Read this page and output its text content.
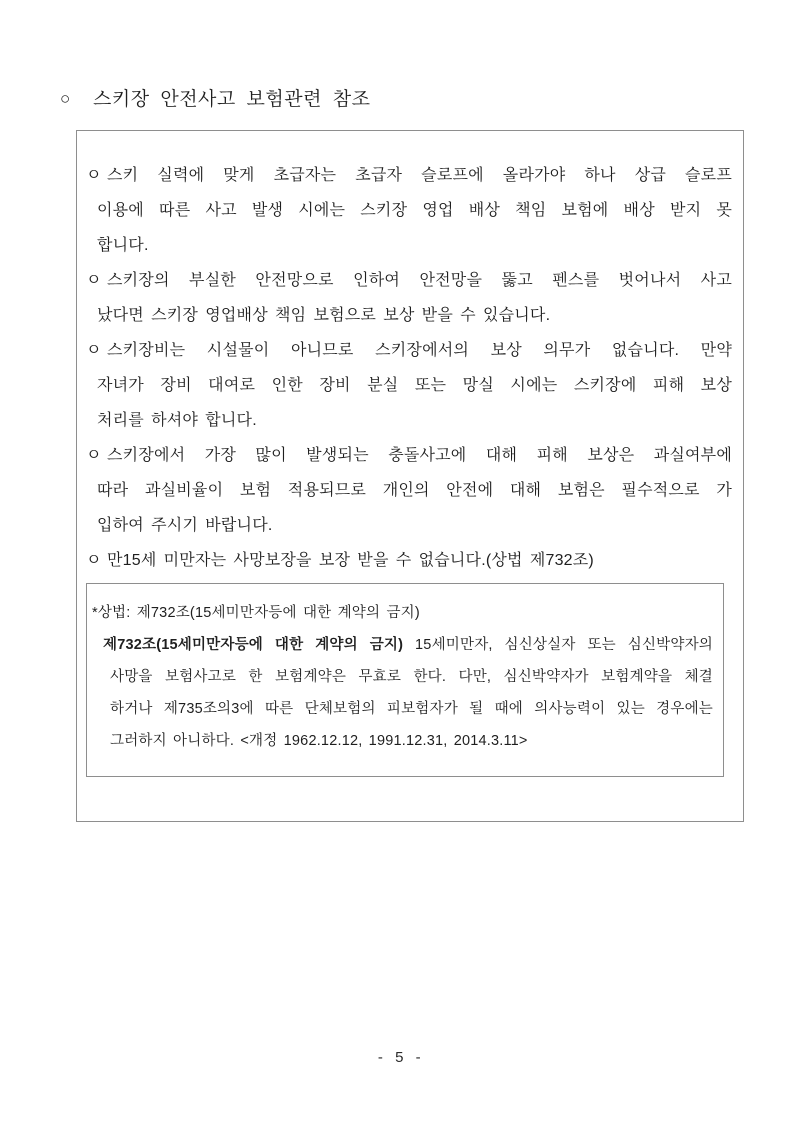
○ 스키장 안전사고 보험관련 참조
ㅇ 스키 실력에 맞게 초급자는 초급자 슬로프에 올라가야 하나 상급 슬로프
이용에 따른 사고 발생 시에는 스키장 영업 배상 책임 보험에 배상 받지 못
합니다.
ㅇ 스키장의 부실한 안전망으로 인하여 안전망을 뚫고 펜스를 벗어나서 사고
났다면 스키장 영업배상 책임 보험으로 보상 받을 수 있습니다.
ㅇ 스키장비는 시설물이 아니므로 스키장에서의 보상 의무가 없습니다. 만약
자녀가 장비 대여로 인한 장비 분실 또는 망실 시에는 스키장에 피해 보상
처리를 하셔야 합니다.
ㅇ 스키장에서 가장 많이 발생되는 충돌사고에 대해 피해 보상은 과실여부에
따라 과실비율이 보험 적용되므로 개인의 안전에 대해 보험은 필수적으로 가
입하여 주시기 바랍니다.
ㅇ 만15세 미만자는 사망보장을 보장 받을 수 없습니다.(상법 제732조)
*상법: 제732조(15세미만자등에 대한 계약의 금지)
제732조(15세미만자등에 대한 계약의 금지) 15세미만자, 심신상실자 또는 심신박약자의
사망을 보험사고로 한 보험계약은 무효로 한다. 다만, 심신박약자가 보험계약을 체결
하거나 제735조의3에 따른 단체보험의 피보험자가 될 때에 의사능력이 있는 경우에는
그러하지 아니하다. <개정 1962.12.12, 1991.12.31, 2014.3.11>
- 5 -
